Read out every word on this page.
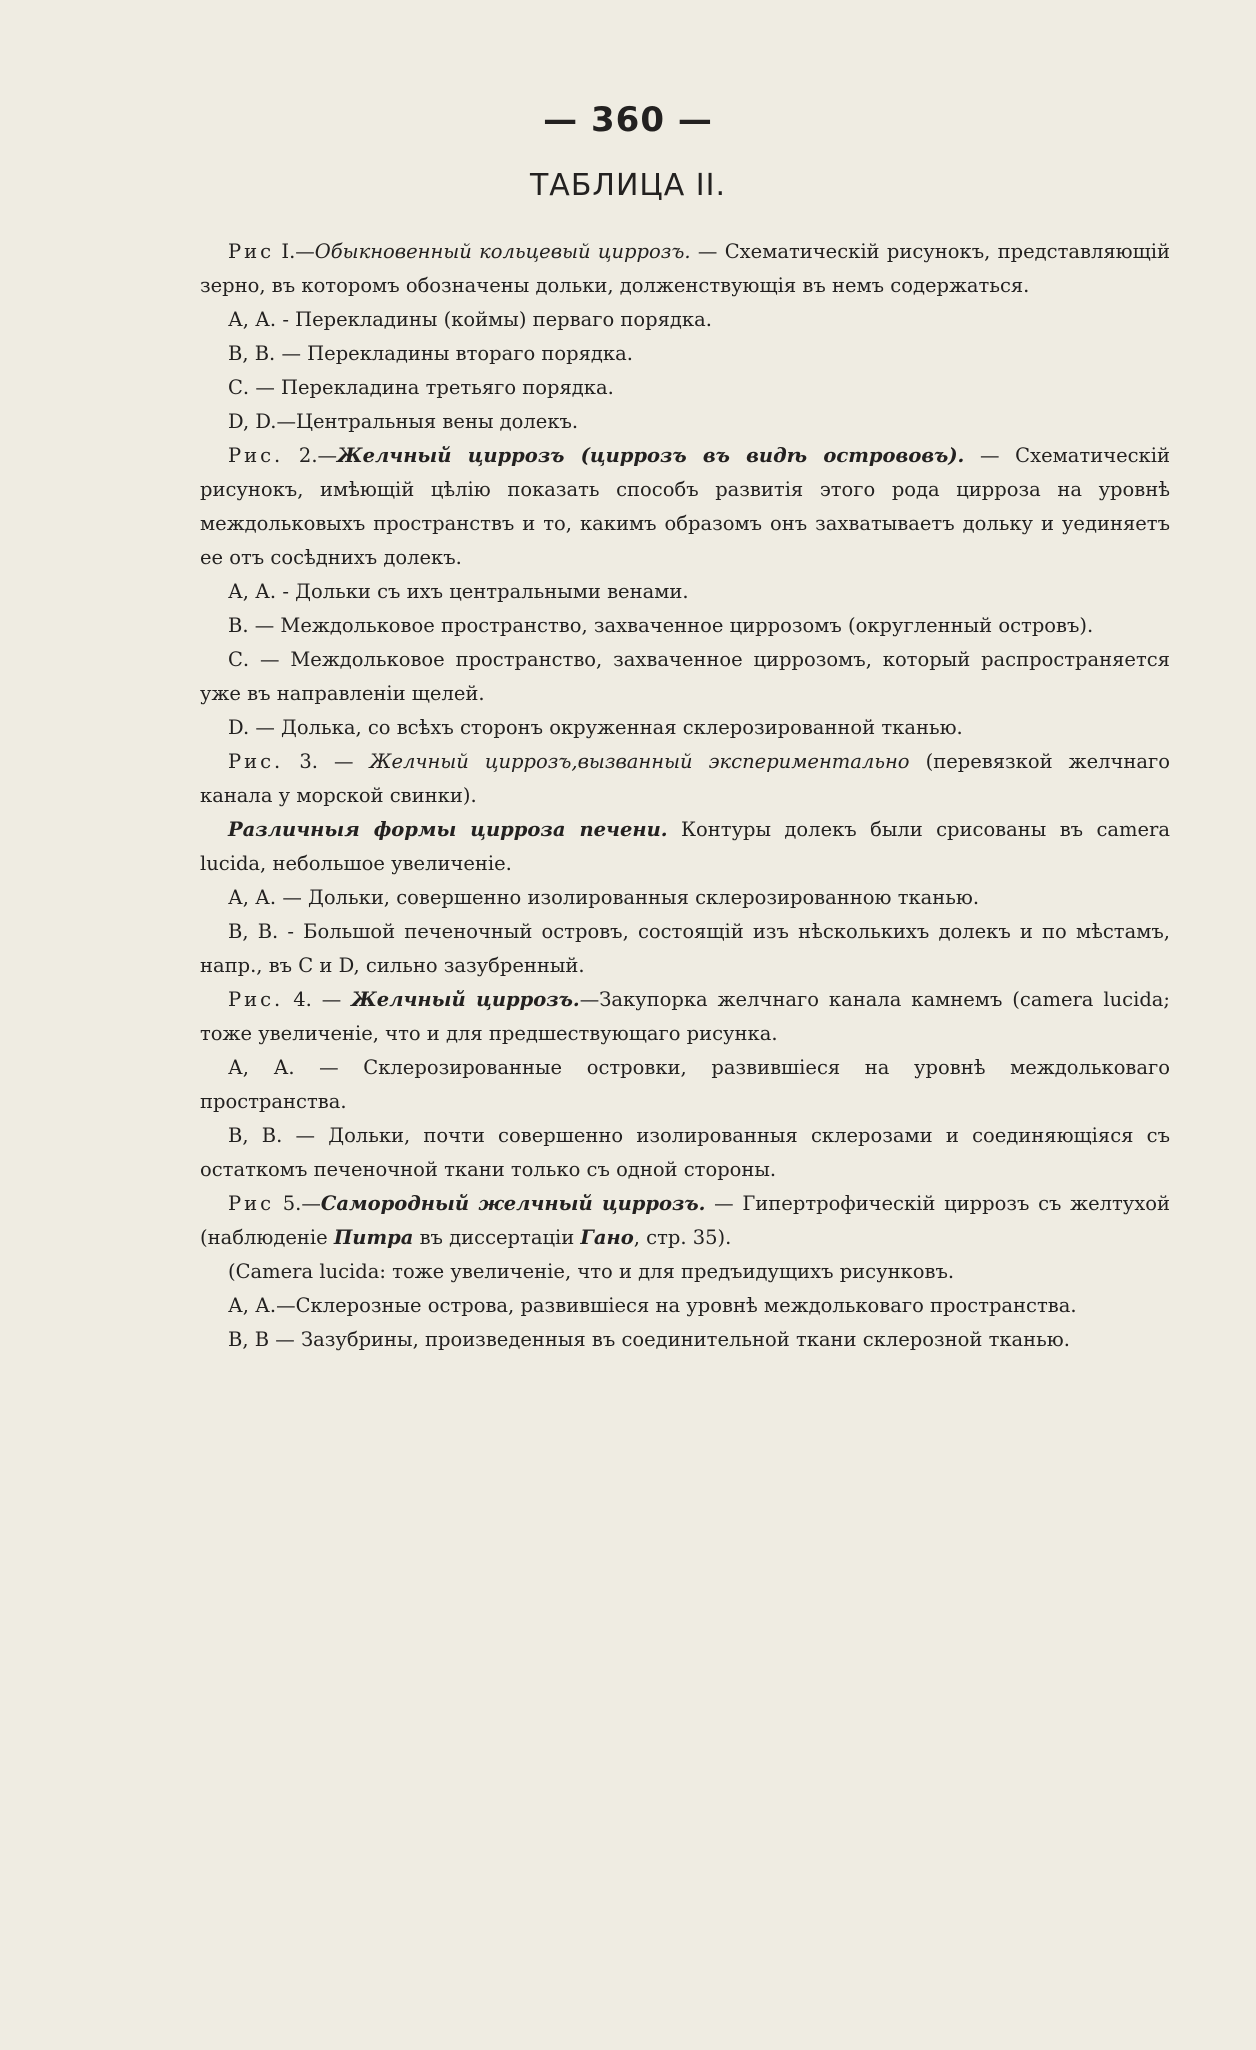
— 360 —
ТАБЛИЦА II.

Рис I.—Обыкновенный кольцевый циррозъ. — Схематическій рисунокъ, представляющій зерно, въ которомъ обозначены дольки, долженствующія въ немъ содержаться.

А, А. - Перекладины (коймы) перваго порядка.

В, В. — Перекладины втораго порядка.

С. — Перекладина третьяго порядка.

D, D.—Центральныя вены долекъ.

Рис. 2.—Желчный циррозъ (циррозъ въ видѣ острововъ). — Схематическій рисунокъ, имѣющій цѣлію показать способъ развитія этого рода цирроза на уровнѣ междольковыхъ пространствъ и то, какимъ образомъ онъ захватываетъ дольку и уединяетъ ее отъ сосѣднихъ долекъ.

А, А. - Дольки съ ихъ центральными венами.

В. — Междольковое пространство, захваченное циррозомъ (округленный островъ).

С. — Междольковое пространство, захваченное циррозомъ, который распространяется уже въ направленіи щелей.

D. — Долька, со всѣхъ сторонъ окруженная склерозированной тканью.

Рис. 3. — Желчный циррозъ,вызванный экспериментально (перевязкой желчнаго канала у морской свинки).

Различныя формы цирроза печени. Контуры долекъ были срисованы въ camera lucida, небольшое увеличеніе.

А, А. — Дольки, совершенно изолированныя склерозированною тканью.

В, В. - Большой печеночный островъ, состоящій изъ нѣсколькихъ долекъ и по мѣстамъ, напр., въ С и D, сильно зазубренный.

Рис. 4. — Желчный циррозъ.—Закупорка желчнаго канала камнемъ (camera lucida; тоже увеличеніе, что и для предшествующаго рисунка.

А, А. — Склерозированные островки, развившіеся на уровнѣ междольковаго пространства.

В, В. — Дольки, почти совершенно изолированныя склерозами и соединяющіяся съ остаткомъ печеночной ткани только съ одной стороны.

Рис 5.—Самородный желчный циррозъ. — Гипертрофическій циррозъ съ желтухой (наблюденіе Питра въ диссертаціи Гано, стр. 35).

(Camera lucida: тоже увеличеніе, что и для предъидущихъ рисунковъ.

А, А.—Склерозные острова, развившіеся на уровнѣ междольковаго пространства.

В, В — Зазубрины, произведенныя въ соединительной ткани склерозной тканью.
